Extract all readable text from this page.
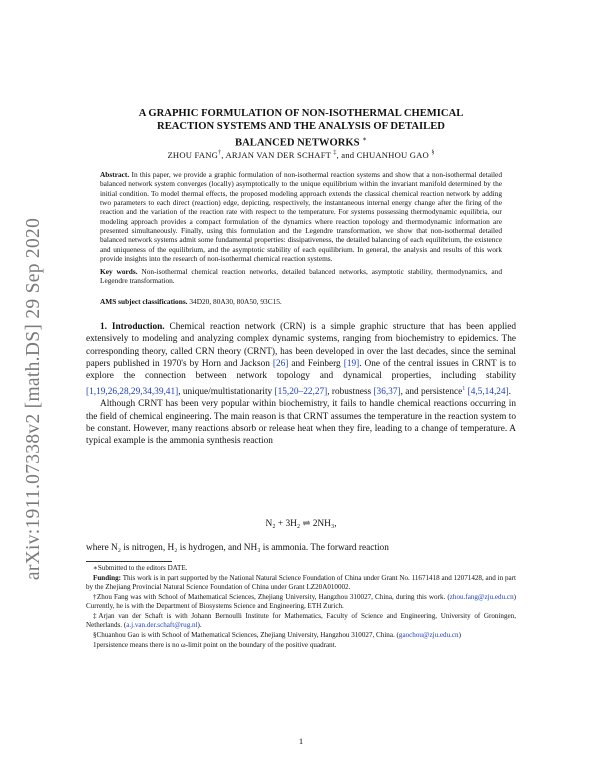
arXiv:1911.07338v2 [math.DS] 29 Sep 2020
A GRAPHIC FORMULATION OF NON-ISOTHERMAL CHEMICAL
REACTION SYSTEMS AND THE ANALYSIS OF DETAILED
BALANCED NETWORKS ∗
ZHOU FANG†, ARJAN VAN DER SCHAFT ‡, and CHUANHOU GAO §
Abstract. In this paper, we provide a graphic formulation of non-isothermal reaction systems and show that a non-isothermal detailed balanced network system converges (locally) asymptotically to the unique equilibrium within the invariant manifold determined by the initial condition. To model thermal effects, the proposed modeling approach extends the classical chemical reaction network by adding two parameters to each direct (reaction) edge, depicting, respectively, the instantaneous internal energy change after the firing of the reaction and the variation of the reaction rate with respect to the temperature. For systems possessing thermodynamic equilibria, our modeling approach provides a compact formulation of the dynamics where reaction topology and thermodynamic information are presented simultaneously. Finally, using this formulation and the Legendre transformation, we show that non-isothermal detailed balanced network systems admit some fundamental properties: dissipativeness, the detailed balancing of each equilibrium, the existence and uniqueness of the equilibrium, and the asymptotic stability of each equilibrium. In general, the analysis and results of this work provide insights into the research of non-isothermal chemical reaction systems.
Key words. Non-isothermal chemical reaction networks, detailed balanced networks, asymptotic stability, thermodynamics, and Legendre transformation.
AMS subject classifications. 34D20, 80A30, 80A50, 93C15.

1. Introduction. Chemical reaction network (CRN) is a simple graphic structure that has been applied extensively to modeling and analyzing complex dynamic systems, ranging from biochemistry to epidemics. The corresponding theory, called CRN theory (CRNT), has been developed in over the last decades, since the seminal papers published in 1970's by Horn and Jackson [26] and Feinberg [19]. One of the central issues in CRNT is to explore the connection between network topology and dynamical properties, including stability [1,19,26,28,29,34,39,41], unique/multistationarity [15,20–22,27], robustness [36,37], and persistence$^1$ [4,5,14,24].

Although CRNT has been very popular within biochemistry, it fails to handle chemical reactions occurring in the field of chemical engineering. The main reason is that CRNT assumes the temperature in the reaction system to be constant. However, many reactions absorb or release heat when they fire, leading to a change of temperature. A typical example is the ammonia synthesis reaction

N₂ + 3H₂ ⇌ 2NH₃,
where N₂ is nitrogen, H₂ is hydrogen, and NH₃ is ammonia. The forward reaction

∗Submitted to the editors DATE.

Funding: This work is in part supported by the National Natural Science Foundation of China under Grant No. 11671418 and 12071428, and in part by the Zhejiang Provincial Natural Science Foundation of China under Grant LZ20A010002.

†Zhou Fang was with School of Mathematical Sciences, Zhejiang University, Hangzhou 310027, China, during this work. (zhou.fang@zju.edu.cn) Currently, he is with the Department of Biosystems Science and Engineering, ETH Zurich.

‡Arjan van der Schaft is with Johann Bernoulli Institute for Mathematics, Faculty of Science and Engineering, University of Groningen, Netherlands. (a.j.van.der.schaft@rug.nl).

§Chuanhou Gao is with School of Mathematical Sciences, Zhejiang University, Hangzhou 310027, China. (gaochou@zju.edu.cn)

1persistence means there is no ω-limit point on the boundary of the positive quadrant.

1
